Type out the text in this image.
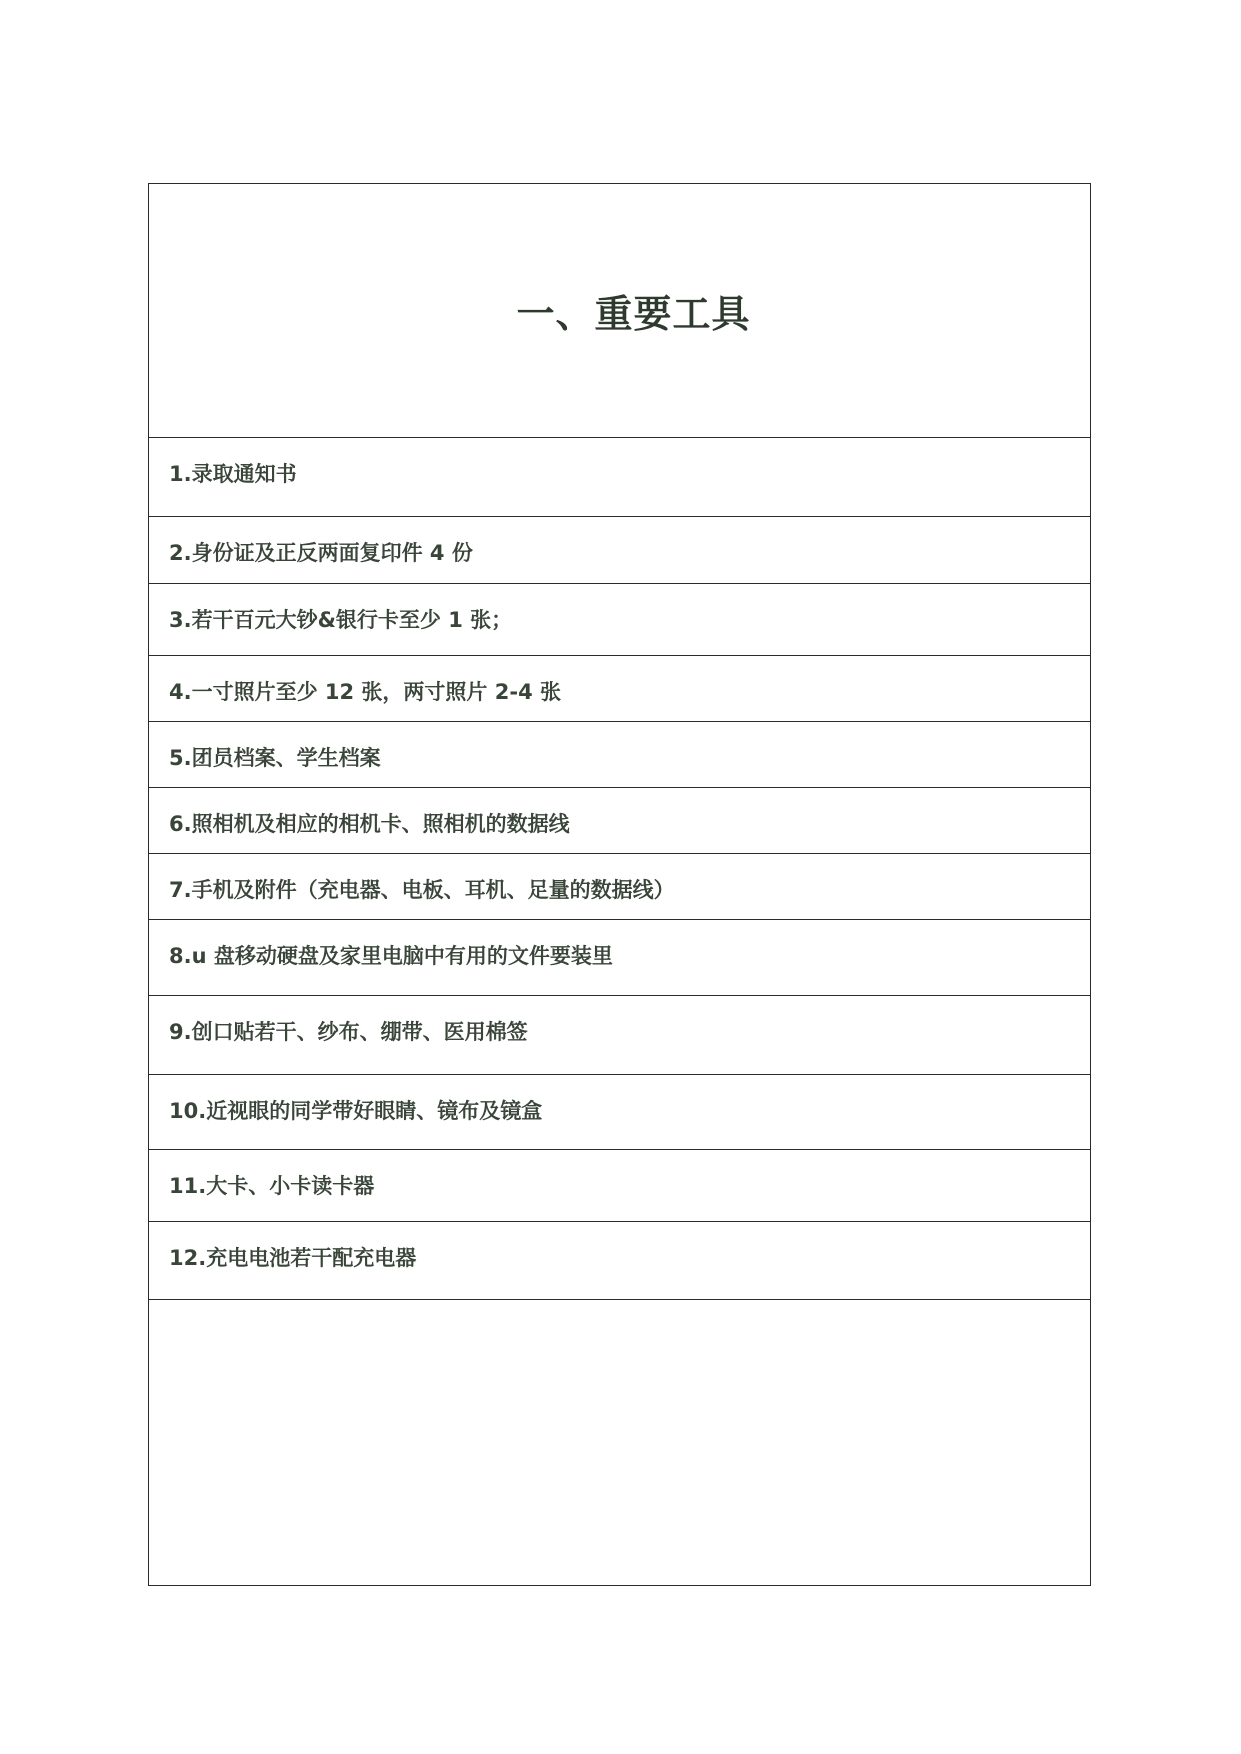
一、重要工具
1.录取通知书
2.身份证及正反两面复印件 4 份
3.若干百元大钞&银行卡至少 1 张；
4.一寸照片至少 12 张，两寸照片 2-4 张
5.团员档案、学生档案
6.照相机及相应的相机卡、照相机的数据线
7.手机及附件（充电器、电板、耳机、足量的数据线）
8.u 盘移动硬盘及家里电脑中有用的文件要装里
9.创口贴若干、纱布、绷带、医用棉签
10.近视眼的同学带好眼睛、镜布及镜盒
11.大卡、小卡读卡器
12.充电电池若干配充电器
